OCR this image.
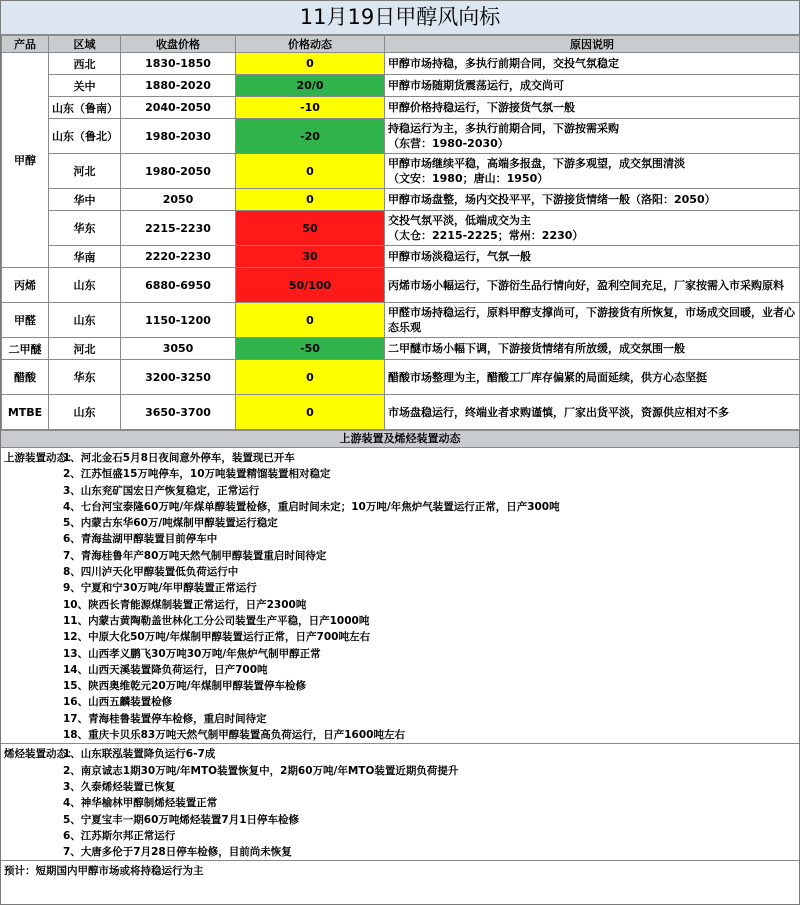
11月19日甲醇风向标
产品	区域	收盘价格	价格动态	原因说明
甲醇	西北	1830-1850	0	甲醇市场持稳，多执行前期合同，交投气氛稳定

	关中	1880-2020	20/0	甲醇市场随期货震荡运行，成交尚可

	山东（鲁南）	2040-2050	-10	甲醇价格持稳运行，下游接货气氛一般

	山东（鲁北）	1980-2030	-20	持稳运行为主，多执行前期合同，下游按需采购
（东营：1980-2030）

	河北	1980-2050	0	甲醇市场继续平稳，高端多报盘，下游多观望，成交氛围清淡
（文安：1980；唐山：1950）

	华中	2050	0	甲醇市场盘整，场内交投平平，下游接货情绪一般（洛阳：2050）

	华东	2215-2230	50	交投气氛平淡，低端成交为主
（太仓：2215-2225；常州：2230）

	华南	2220-2230	30	甲醇市场淡稳运行，气氛一般

丙烯	山东	6880-6950	50/100	丙烯市场小幅运行，下游衍生品行情向好，盈利空间充足，厂家按需入市采购原料

甲醛	山东	1150-1200	0	甲醛市场持稳运行，原料甲醇支撑尚可，下游接货有所恢复，市场成交回暖，业者心态乐观

二甲醚	河北	3050	-50	二甲醚市场小幅下调，下游接货情绪有所放缓，成交氛围一般

醋酸	华东	3200-3250	0	醋酸市场整理为主，醋酸工厂库存偏紧的局面延续，供方心态坚挺

MTBE	山东	3650-3700	0	市场盘稳运行，终端业者求购谨慎，厂家出货平淡，资源供应相对不多
上游装置及烯烃装置动态
上游装置动态：
1、河北金石5月8日夜间意外停车，装置现已开车
2、江苏恒盛15万吨停车，10万吨装置精馏装置相对稳定
3、山东兖矿国宏日产恢复稳定，正常运行
4、七台河宝泰隆60万吨/年煤单醇装置检修，重启时间未定；10万吨/年焦炉气装置运行正常，日产300吨
5、内蒙古东华60万/吨煤制甲醇装置运行稳定
6、青海盐湖甲醇装置目前停车中
7、青海桂鲁年产80万吨天然气制甲醇装置重启时间待定
8、四川泸天化甲醇装置低负荷运行中
9、宁夏和宁30万吨/年甲醇装置正常运行
10、陕西长青能源煤制装置正常运行，日产2300吨
11、内蒙古黄陶勒盖世林化工分公司装置生产平稳，日产1000吨
12、中原大化50万吨/年煤制甲醇装置运行正常，日产700吨左右
13、山西孝义鹏飞30万吨30万吨/年焦炉气制甲醇正常
14、山西天溪装置降负荷运行，日产700吨
15、陕西奥维乾元20万吨/年煤制甲醇装置停车检修
16、山西五麟装置检修
17、青海桂鲁装置停车检修，重启时间待定
18、重庆卡贝乐83万吨天然气制甲醇装置高负荷运行，日产1600吨左右
烯烃装置动态：
1、山东联泓装置降负运行6-7成
2、南京诚志1期30万吨/年MTO装置恢复中，2期60万吨/年MTO装置近期负荷提升
3、久泰烯烃装置已恢复
4、神华榆林甲醇制烯烃装置正常
5、宁夏宝丰一期60万吨烯烃装置7月1日停车检修
6、江苏斯尔邦正常运行
7、大唐多伦于7月28日停车检修，目前尚未恢复
预计：短期国内甲醇市场或将持稳运行为主
